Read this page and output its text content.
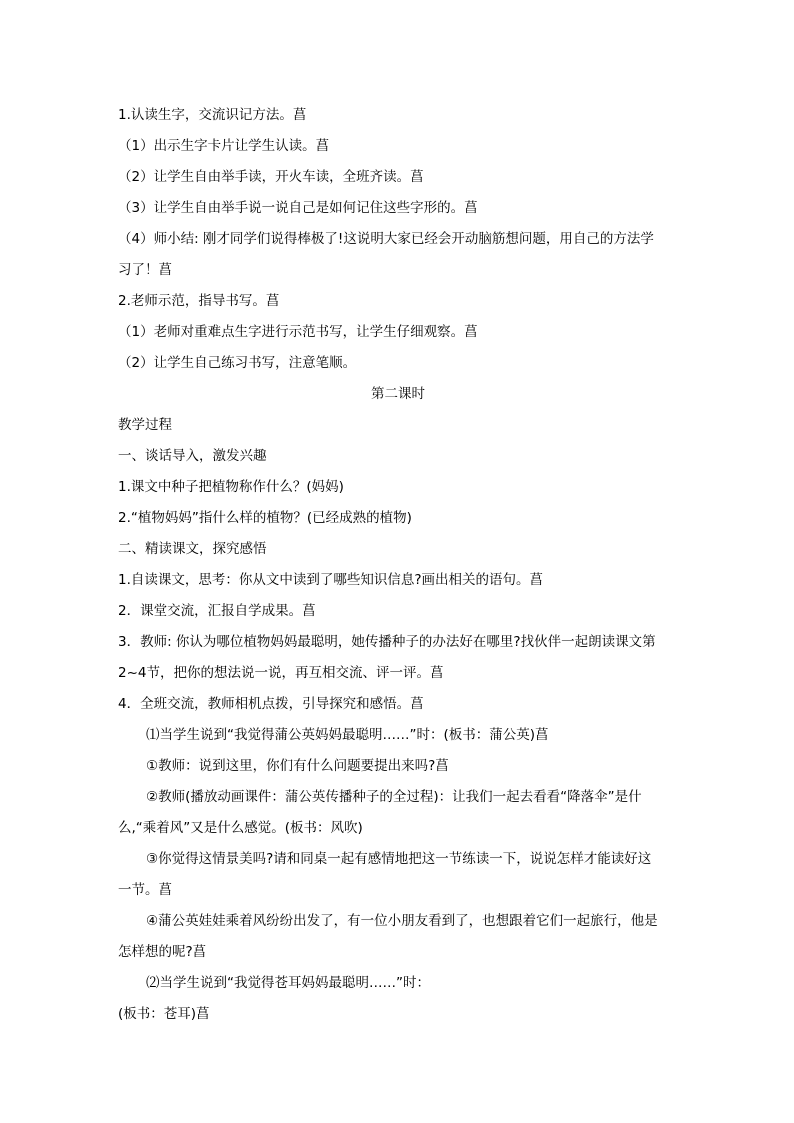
1.认读生字，交流识记方法。菖
（1）出示生字卡片让学生认读。菖
（2）让学生自由举手读，开火车读，全班齐读。菖
（3）让学生自由举手说一说自己是如何记住这些字形的。菖
（4）师小结: 刚才同学们说得棒极了!这说明大家已经会开动脑筋想问题，用自己的方法学
习了！菖
2.老师示范，指导书写。菖
（1）老师对重难点生字进行示范书写，让学生仔细观察。菖
（2）让学生自己练习书写，注意笔顺。
第二课时
教学过程
一、谈话导入，激发兴趣
1.课文中种子把植物称作什么？(妈妈)
2.“植物妈妈”指什么样的植物？(已经成熟的植物)
二、精读课文，探究感悟
1.自读课文，思考：你从文中读到了哪些知识信息?画出相关的语句。菖
2．课堂交流，汇报自学成果。菖
3．教师: 你认为哪位植物妈妈最聪明，她传播种子的办法好在哪里?找伙伴一起朗读课文第
2~4节，把你的想法说一说，再互相交流、评一评。菖
4．全班交流，教师相机点拨，引导探究和感悟。菖
⑴当学生说到“我觉得蒲公英妈妈最聪明……”时：(板书：蒲公英)菖
①教师：说到这里，你们有什么问题要提出来吗?菖
②教师(播放动画课件：蒲公英传播种子的全过程)：让我们一起去看看“降落伞”是什
么,“乘着风”又是什么感觉。(板书：风吹)
③你觉得这情景美吗?请和同桌一起有感情地把这一节练读一下，说说怎样才能读好这
一节。菖
④蒲公英娃娃乘着风纷纷出发了，有一位小朋友看到了，也想跟着它们一起旅行，他是
怎样想的呢?菖
⑵当学生说到“我觉得苍耳妈妈最聪明……”时：
(板书：苍耳)菖
